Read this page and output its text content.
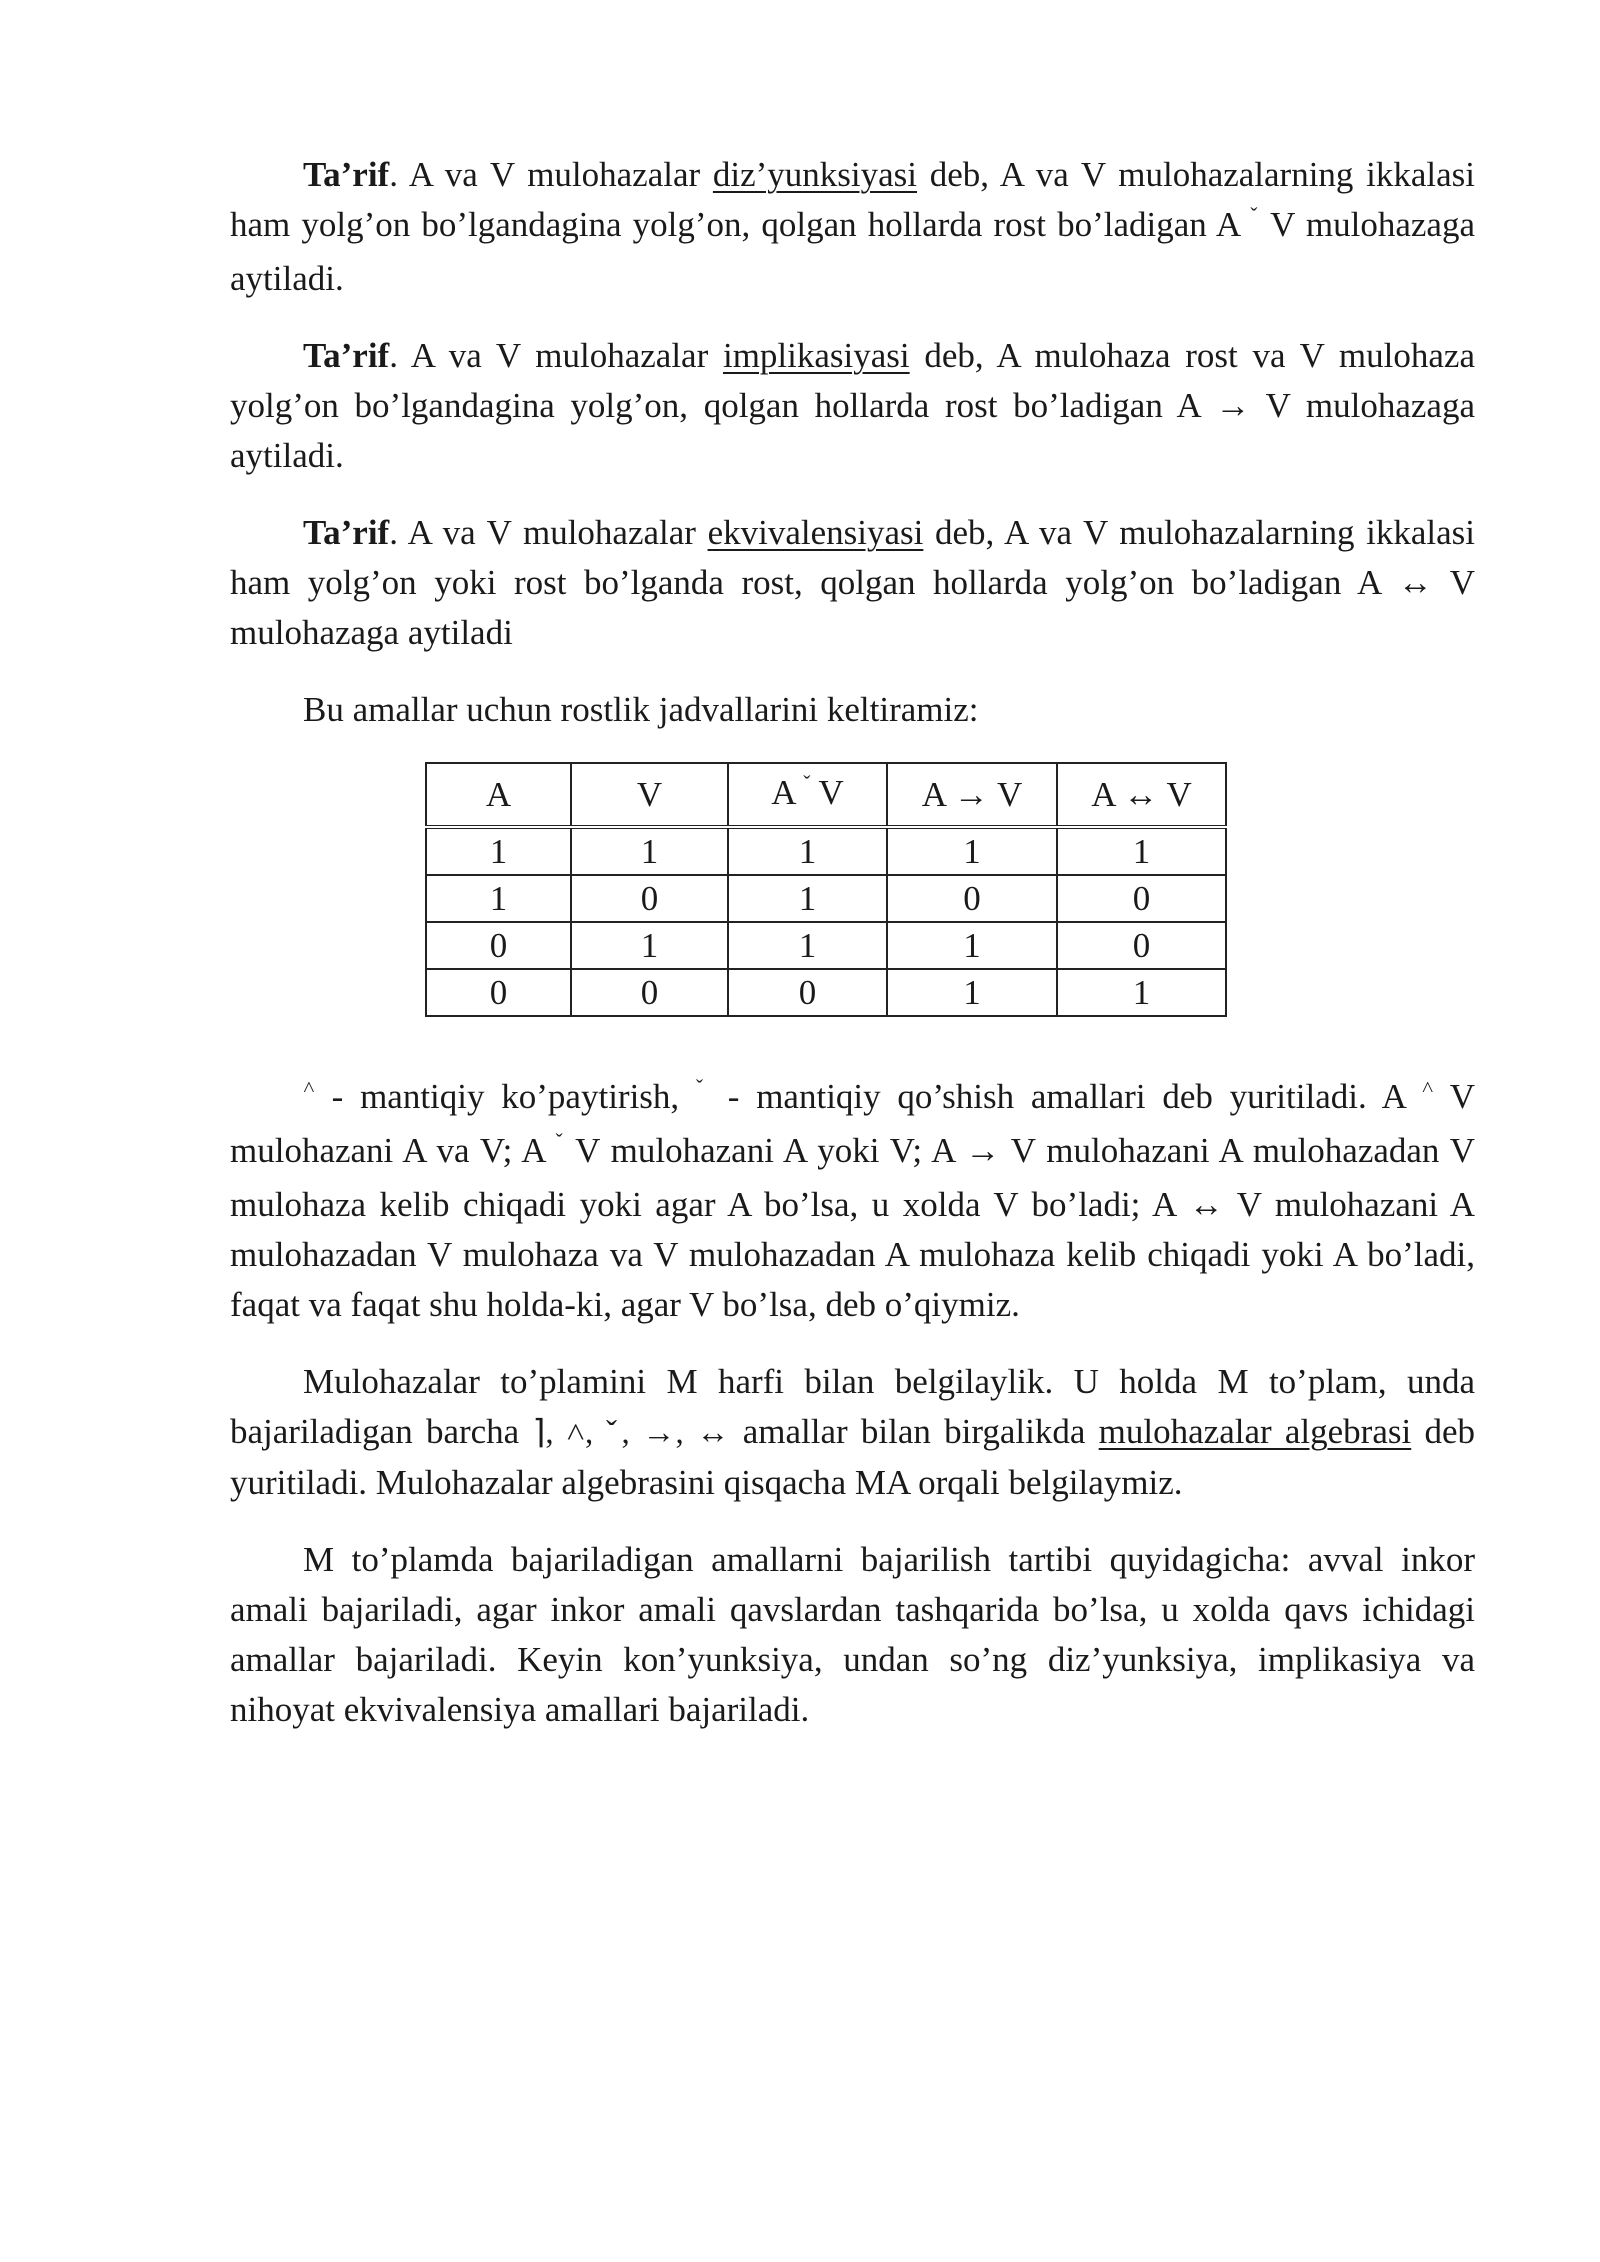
Ta’rif. A va V mulohazalar diz’yunksiyasi deb, A va V mulohazalarning ikkalasi ham yolg’on bo’lgandagina yolg’on, qolgan hollarda rost bo’ladigan A $^ˇ$ V mulohazaga aytiladi.

Ta’rif. A va V mulohazalar implikasiyasi deb, A mulohaza rost va V mulohaza yolg’on bo’lgandagina yolg’on, qolgan hollarda rost bo’ladigan A → V mulohazaga aytiladi.

Ta’rif. A va V mulohazalar ekvivalensiyasi deb, A va V mulohazalarning ikkalasi ham yolg’on yoki rost bo’lganda rost, qolgan hollarda yolg’on bo’ladigan A ↔ V mulohazaga aytiladi

Bu amallar uchun rostlik jadvallarini keltiramiz:

A	V	A $^ˇ$ V	A → V	A ↔ V
1	1	1	1	1
1	0	1	0	0
0	1	1	1	0
0	0	0	1	1

˄ - mantiqiy ko’paytirish, $^ˇ$ - mantiqiy qo’shish amallari deb yuritiladi. A ˄ V mulohazani A va V; A $^ˇ$ V mulohazani A yoki V; A → V mulohazani A mulohazadan V mulohaza kelib chiqadi yoki agar A bo’lsa, u xolda V bo’ladi; A ↔ V mulohazani A mulohazadan V mulohaza va V mulohazadan A mulohaza kelib chiqadi yoki A bo’ladi, faqat va faqat shu holda-ki, agar V bo’lsa, deb o’qiymiz.

Mulohazalar to’plamini M harfi bilan belgilaylik. U holda M to’plam, unda bajariladigan barcha ⌉, ˄, ˇ, →, ↔ amallar bilan birgalikda mulohazalar algebrasi deb yuritiladi. Mulohazalar algebrasini qisqacha MA orqali belgilaymiz.

M to’plamda bajariladigan amallarni bajarilish tartibi quyidagicha: avval inkor amali bajariladi, agar inkor amali qavslardan tashqarida bo’lsa, u xolda qavs ichidagi amallar bajariladi. Keyin kon’yunksiya, undan so’ng diz’yunksiya, implikasiya va nihoyat ekvivalensiya amallari bajariladi.
